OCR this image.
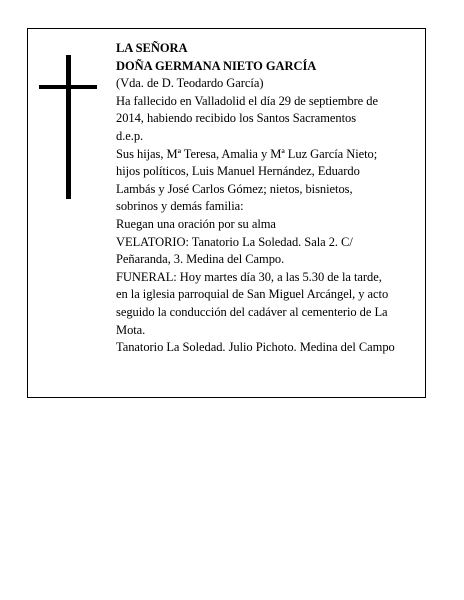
LA SEÑORA
DOÑA GERMANA NIETO GARCÍA
(Vda. de D. Teodardo García)
Ha fallecido en Valladolid el día 29 de septiembre de
2014, habiendo recibido los Santos Sacramentos
d.e.p.
Sus hijas, Mª Teresa, Amalia y Mª Luz García Nieto;
hijos políticos, Luis Manuel Hernández, Eduardo
Lambás y José Carlos Gómez; nietos, bisnietos,
sobrinos y demás familia:
Ruegan una oración por su alma
VELATORIO: Tanatorio La Soledad. Sala 2. C/
Peñaranda, 3. Medina del Campo.
FUNERAL: Hoy martes día 30, a las 5.30 de la tarde,
en la iglesia parroquial de San Miguel Arcángel, y acto
seguido la conducción del cadáver al cementerio de La
Mota.
Tanatorio La Soledad. Julio Pichoto. Medina del Campo
